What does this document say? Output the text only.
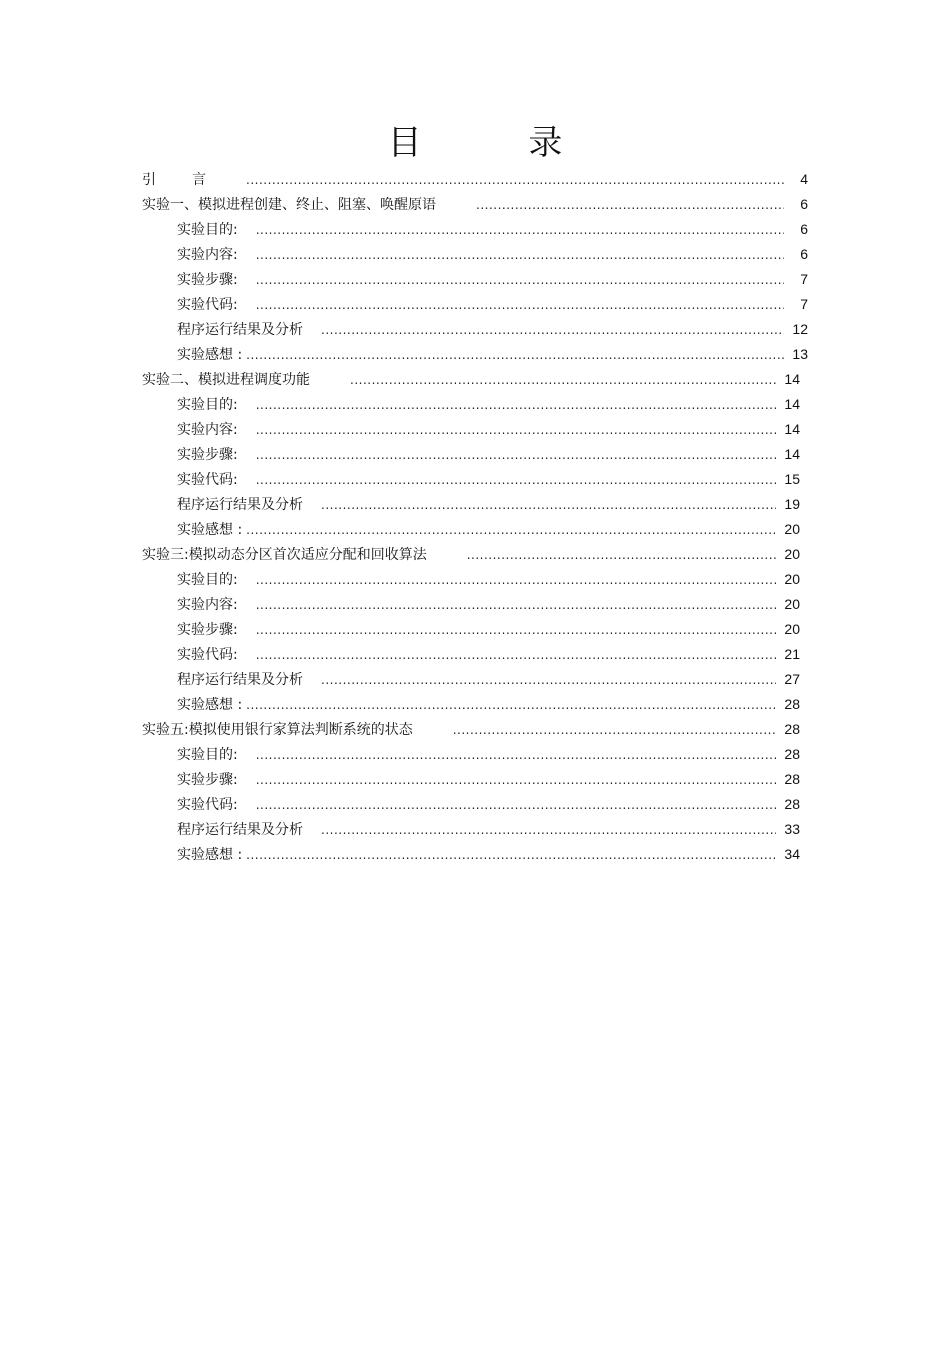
目 录
引言 .....	4
实验一、模拟进程创建、终止、阻塞、唤醒原语 .....	6
实验目的: .....	6
实验内容: .....	6
实验步骤: .....	7
实验代码: .....	7
程序运行结果及分析 .....	12
实验感想 : .....	13
实验二、模拟进程调度功能 .....	14
实验目的: .....	14
实验内容: .....	14
实验步骤: .....	14
实验代码: .....	15
程序运行结果及分析 .....	19
实验感想 : .....	20
实验三:模拟动态分区首次适应分配和回收算法 .....	20
实验目的: .....	20
实验内容: .....	20
实验步骤: .....	20
实验代码: .....	21
程序运行结果及分析 .....	27
实验感想 : .....	28
实验五:模拟使用银行家算法判断系统的状态 .....	28
实验目的: .....	28
实验步骤: .....	28
实验代码: .....	28
程序运行结果及分析 .....	33
实验感想 : .....	34
